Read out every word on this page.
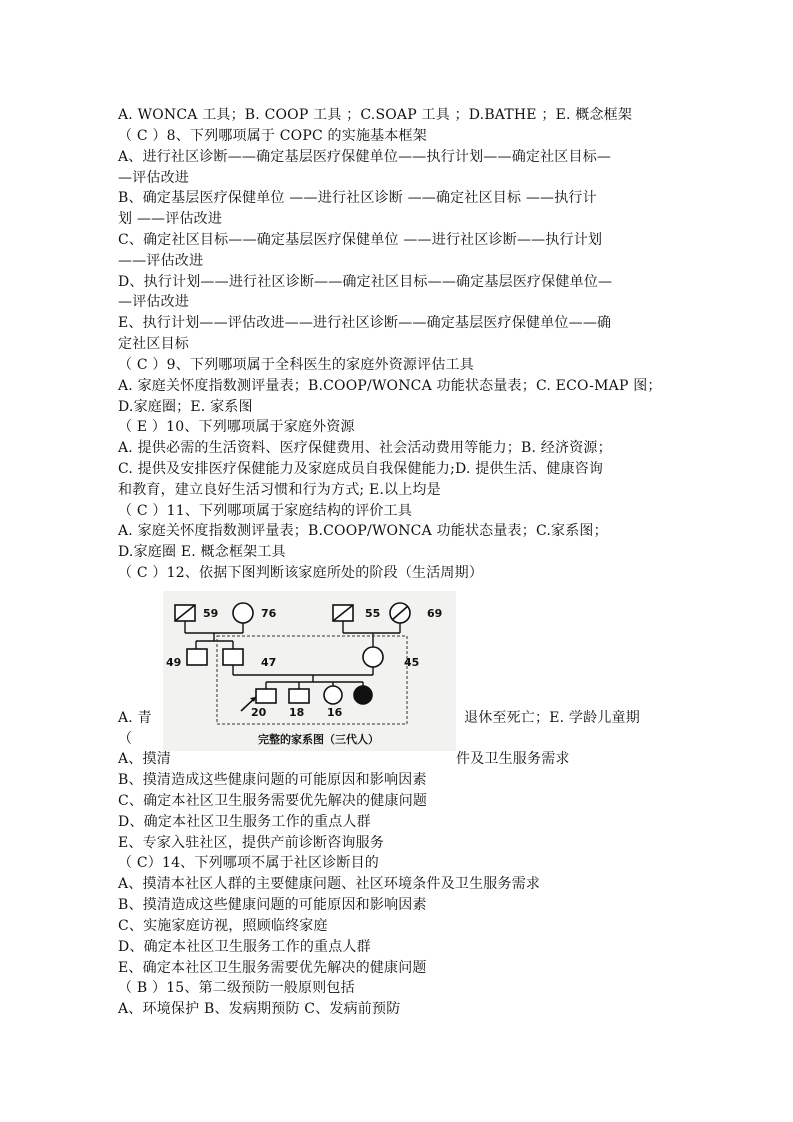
A. WONCA 工具；B. COOP 工具 ；C.SOAP 工具 ；D.BATHE ；E. 概念框架
（ C ）8、下列哪项属于 COPC 的实施基本框架
A、进行社区诊断——确定基层医疗保健单位——执行计划——确定社区目标—
—评估改进
B、确定基层医疗保健单位 ——进行社区诊断 ——确定社区目标 ——执行计
划 ——评估改进
C、确定社区目标——确定基层医疗保健单位 ——进行社区诊断——执行计划
——评估改进
D、执行计划——进行社区诊断——确定社区目标——确定基层医疗保健单位—
—评估改进
E、执行计划——评估改进——进行社区诊断——确定基层医疗保健单位——确
定社区目标
（ C ）9、下列哪项属于全科医生的家庭外资源评估工具
A. 家庭关怀度指数测评量表；B.COOP/WONCA 功能状态量表；C. ECO-MAP 图；
D.家庭圈；E. 家系图
（ E ）10、下列哪项属于家庭外资源
A. 提供必需的生活资料、医疗保健费用、社会活动费用等能力；B. 经济资源；
C. 提供及安排医疗保健能力及家庭成员自我保健能力;D. 提供生活、健康咨询
和教育，建立良好生活习惯和行为方式; E.以上均是
（ C ）11、下列哪项属于家庭结构的评价工具
A. 家庭关怀度指数测评量表；B.COOP/WONCA 功能状态量表；C.家系图；
D.家庭圈 E. 概念框架工具
（ C ）12、依据下图判断该家庭所处的阶段（生活周期）
A. 青	退休至死亡；E. 学龄儿童期
（
A、摸清	件及卫生服务需求
B、摸清造成这些健康问题的可能原因和影响因素
C、确定本社区卫生服务需要优先解决的健康问题
D、确定本社区卫生服务工作的重点人群
E、专家入驻社区，提供产前诊断咨询服务
（ C）14、下列哪项不属于社区诊断目的
A、摸清本社区人群的主要健康问题、社区环境条件及卫生服务需求
B、摸清造成这些健康问题的可能原因和影响因素
C、实施家庭访视，照顾临终家庭
D、确定本社区卫生服务工作的重点人群
E、确定本社区卫生服务需要优先解决的健康问题
（ B ）15、第二级预防一般原则包括
A、环境保护 B、发病期预防 C、发病前预防
59	76	55	69
49	47	45
20 18 16
完整的家系图（三代人）
